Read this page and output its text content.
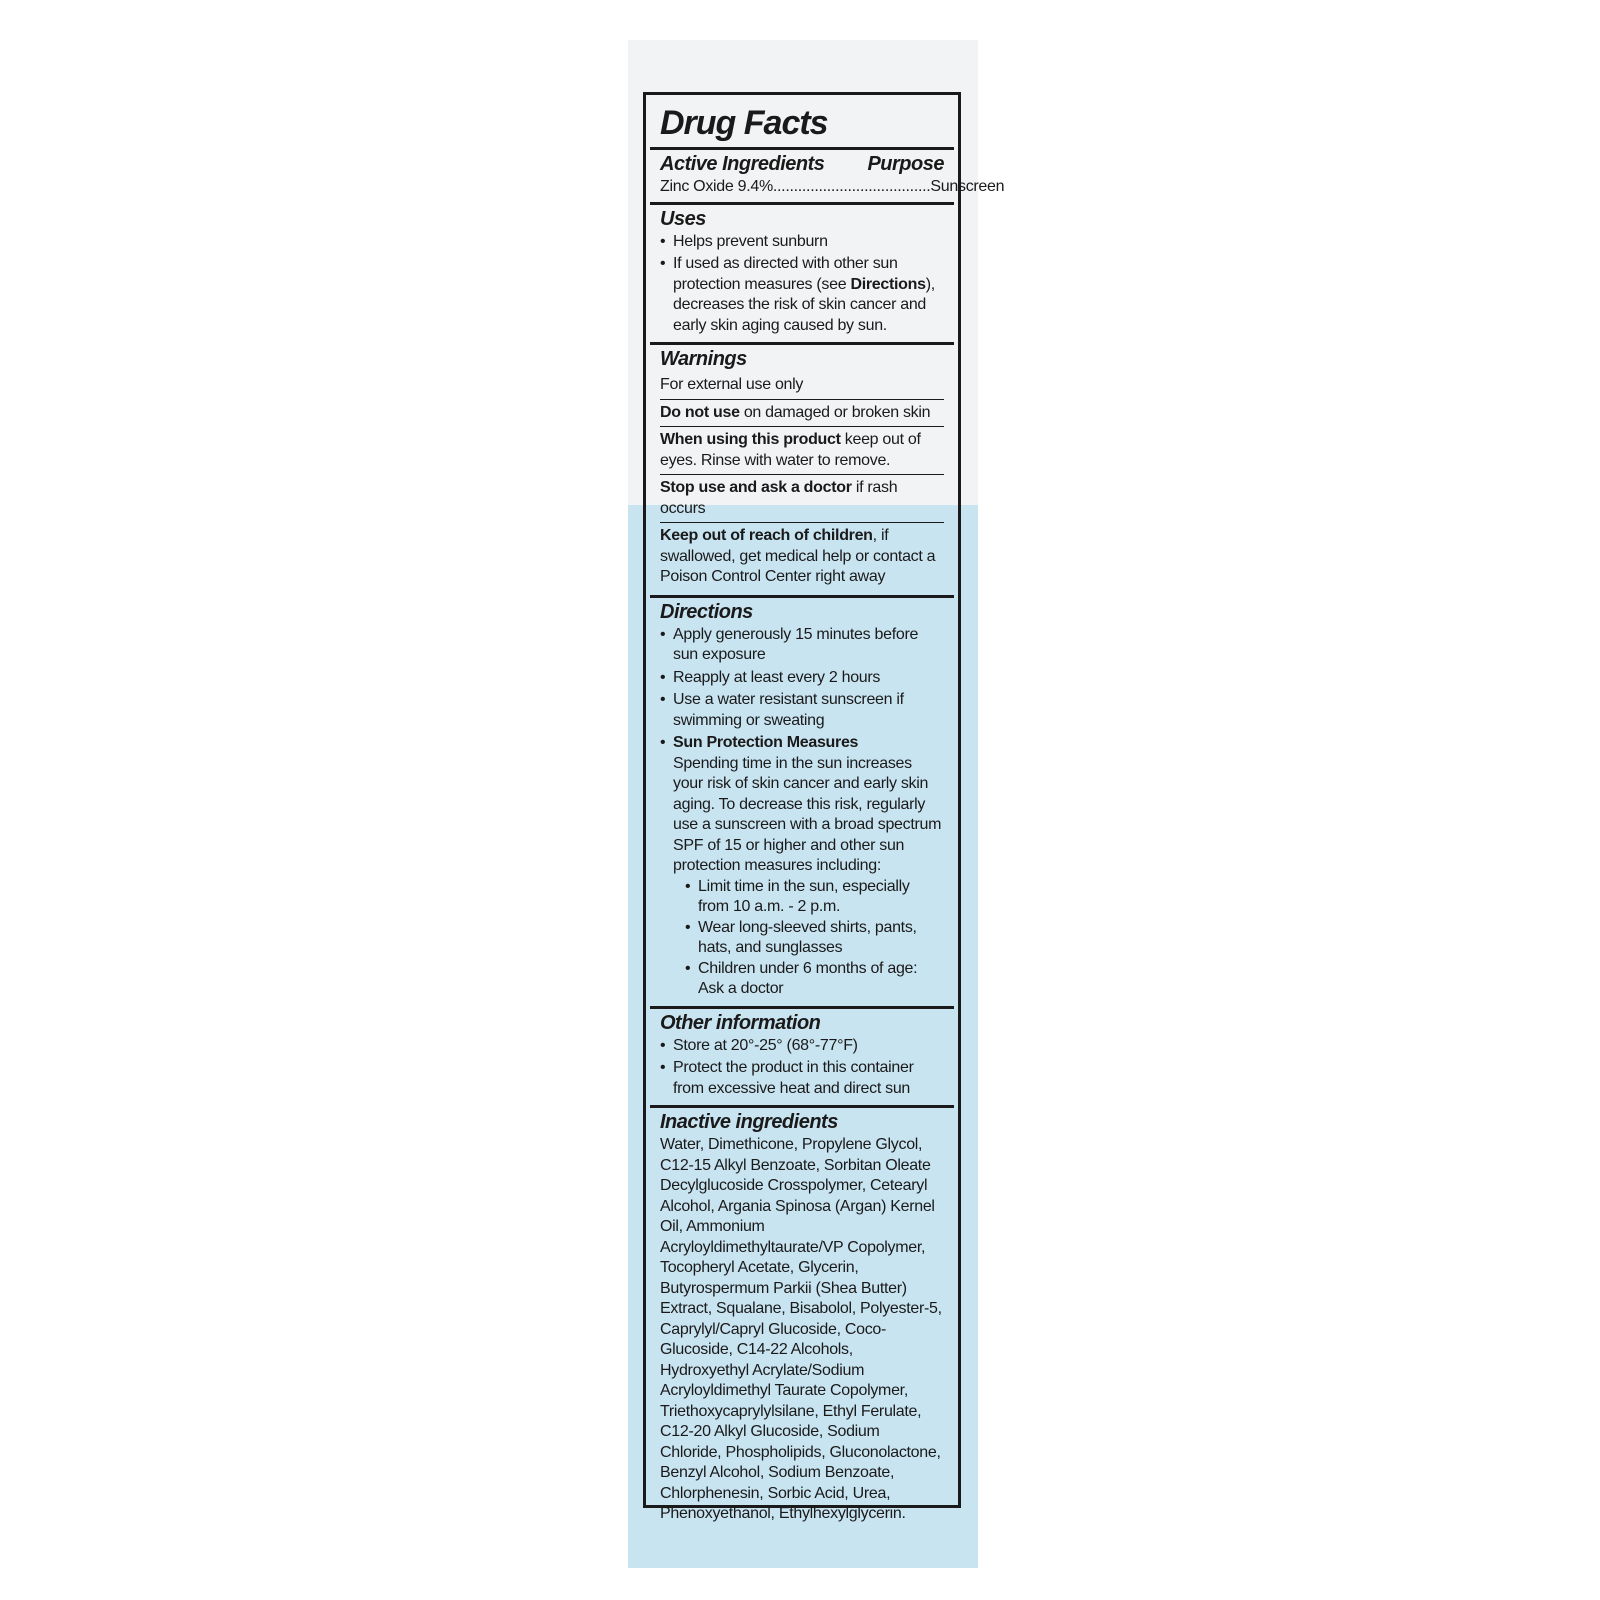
Drug Facts
Active Ingredients Purpose
Zinc Oxide 9.4% ...................................... Sunscreen
Uses
• Helps prevent sunburn
• If used as directed with other sun protection measures (see Directions), decreases the risk of skin cancer and early skin aging caused by sun.
Warnings
For external use only
Do not use on damaged or broken skin
When using this product keep out of eyes. Rinse with water to remove.
Stop use and ask a doctor if rash occurs
Keep out of reach of children, if swallowed, get medical help or contact a Poison Control Center right away
Directions
• Apply generously 15 minutes before sun exposure
• Reapply at least every 2 hours
• Use a water resistant sunscreen if swimming or sweating
• Sun Protection Measures
Spending time in the sun increases your risk of skin cancer and early skin aging. To decrease this risk, regularly use a sunscreen with a broad spectrum SPF of 15 or higher and other sun protection measures including:
• Limit time in the sun, especially from 10 a.m. - 2 p.m.
• Wear long-sleeved shirts, pants, hats, and sunglasses
• Children under 6 months of age: Ask a doctor
Other information
• Store at 20°-25° (68°-77°F)
• Protect the product in this container from excessive heat and direct sun
Inactive ingredients
Water, Dimethicone, Propylene Glycol, C12-15 Alkyl Benzoate, Sorbitan Oleate Decylglucoside Crosspolymer, Cetearyl Alcohol, Argania Spinosa (Argan) Kernel Oil, Ammonium Acryloyldimethyltaurate/VP Copolymer, Tocopheryl Acetate, Glycerin, Butyrospermum Parkii (Shea Butter) Extract, Squalane, Bisabolol, Polyester-5, Caprylyl/Capryl Glucoside, Coco-Glucoside, C14-22 Alcohols, Hydroxyethyl Acrylate/Sodium Acryloyldimethyl Taurate Copolymer, Triethoxycaprylylsilane, Ethyl Ferulate, C12-20 Alkyl Glucoside, Sodium Chloride, Phospholipids, Gluconolactone, Benzyl Alcohol, Sodium Benzoate, Chlorphenesin, Sorbic Acid, Urea, Phenoxyethanol, Ethylhexylglycerin.
